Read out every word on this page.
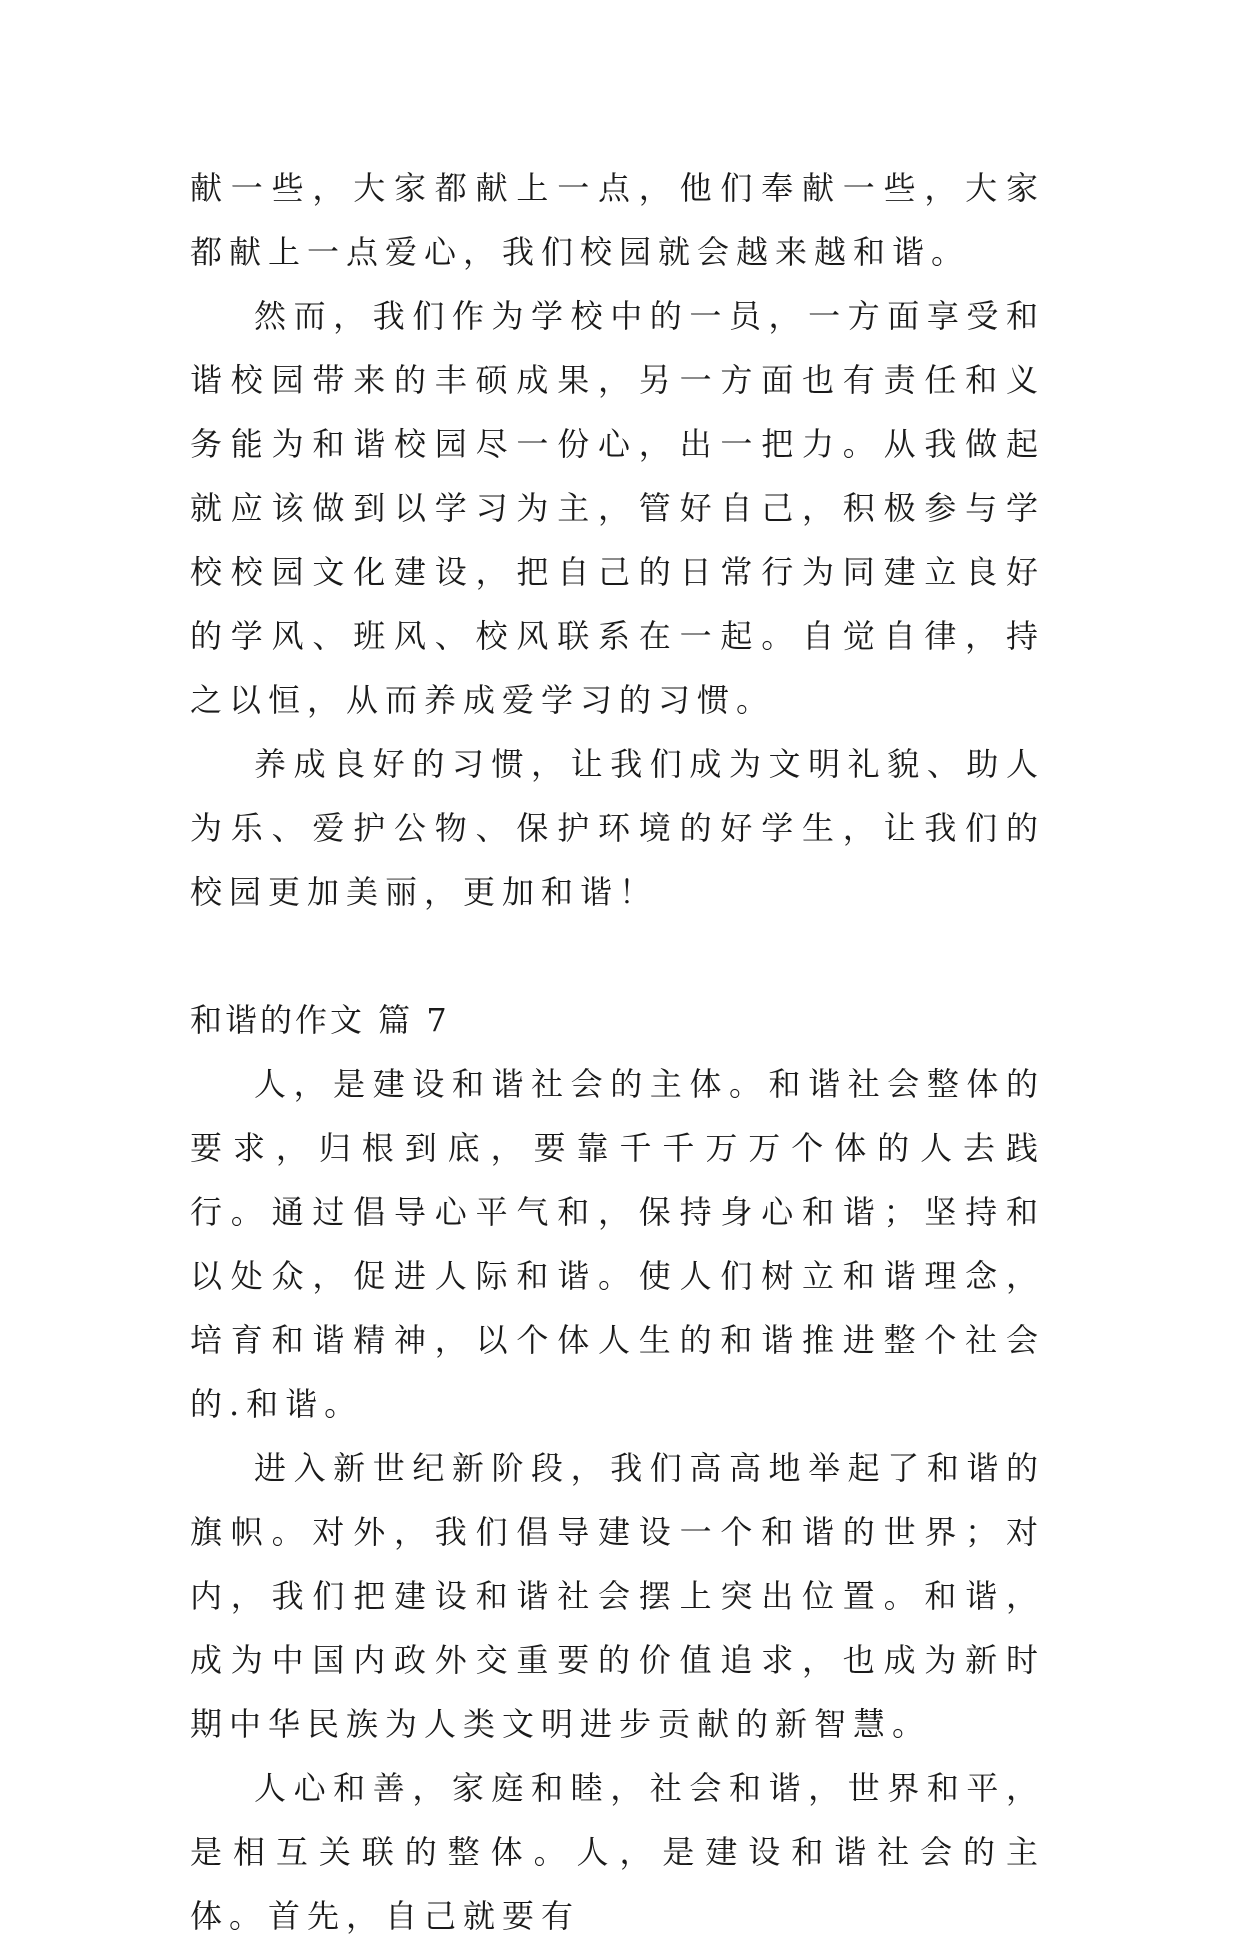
献一些，大家都献上一点，他们奉献一些，大家都献上一点爱心，我们校园就会越来越和谐。

然而，我们作为学校中的一员，一方面享受和谐校园带来的丰硕成果，另一方面也有责任和义务能为和谐校园尽一份心，出一把力。从我做起就应该做到以学习为主，管好自己，积极参与学校校园文化建设，把自己的日常行为同建立良好的学风、班风、校风联系在一起。自觉自律，持之以恒，从而养成爱学习的习惯。

养成良好的习惯，让我们成为文明礼貌、助人为乐、爱护公物、保护环境的好学生，让我们的校园更加美丽，更加和谐！

和谐的作文 篇 7

人，是建设和谐社会的主体。和谐社会整体的要求，归根到底，要靠千千万万个体的人去践行。通过倡导心平气和，保持身心和谐；坚持和以处众，促进人际和谐。使人们树立和谐理念，培育和谐精神，以个体人生的和谐推进整个社会的.和谐。

进入新世纪新阶段，我们高高地举起了和谐的旗帜。对外，我们倡导建设一个和谐的世界；对内，我们把建设和谐社会摆上突出位置。和谐，成为中国内政外交重要的价值追求，也成为新时期中华民族为人类文明进步贡献的新智慧。

人心和善，家庭和睦，社会和谐，世界和平，是相互关联的整体。人，是建设和谐社会的主体。首先，自己就要有
